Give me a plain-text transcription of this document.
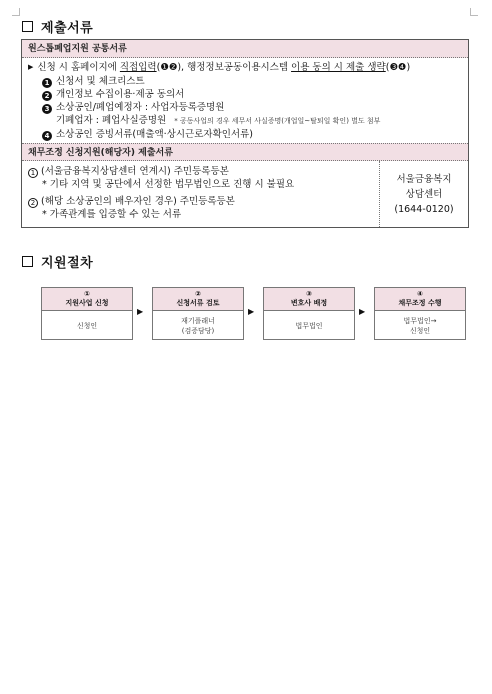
제출서류
원스톱폐업지원 공통서류
▶ 신청 시 홈페이지에 직접입력(❶❷), 행정정보공동이용시스템 이용 동의 시 제출 생략(❸❹)
1 신청서 및 체크리스트
2 개인정보 수집이용·제공 동의서
3 소상공인/폐업예정자 : 사업자등록증명원
기폐업자 : 폐업사실증명원 * 공동사업의 경우 세무서 사실증명(개업일~탈퇴일 확인) 별도 첨부
4 소상공인 증빙서류(매출액·상시근로자확인서류)
채무조정 신청지원(해당자) 제출서류
1 (서울금융복지상담센터 연계시) 주민등록등본
* 기타 지역 및 공단에서 선정한 법무법인으로 진행 시 불필요
2 (해당 소상공인의 배우자인 경우) 주민등록등본
* 가족관계를 입증할 수 있는 서류
서울금융복지
상담센터
(1644-0120)
지원절차
①
지원사업 신청
신청인
▶
②
신청서류 검토
재기플래너
(검증담당)
▶
③
변호사 배정
법무법인
▶
④
채무조정 수행
법무법인→
신청인
